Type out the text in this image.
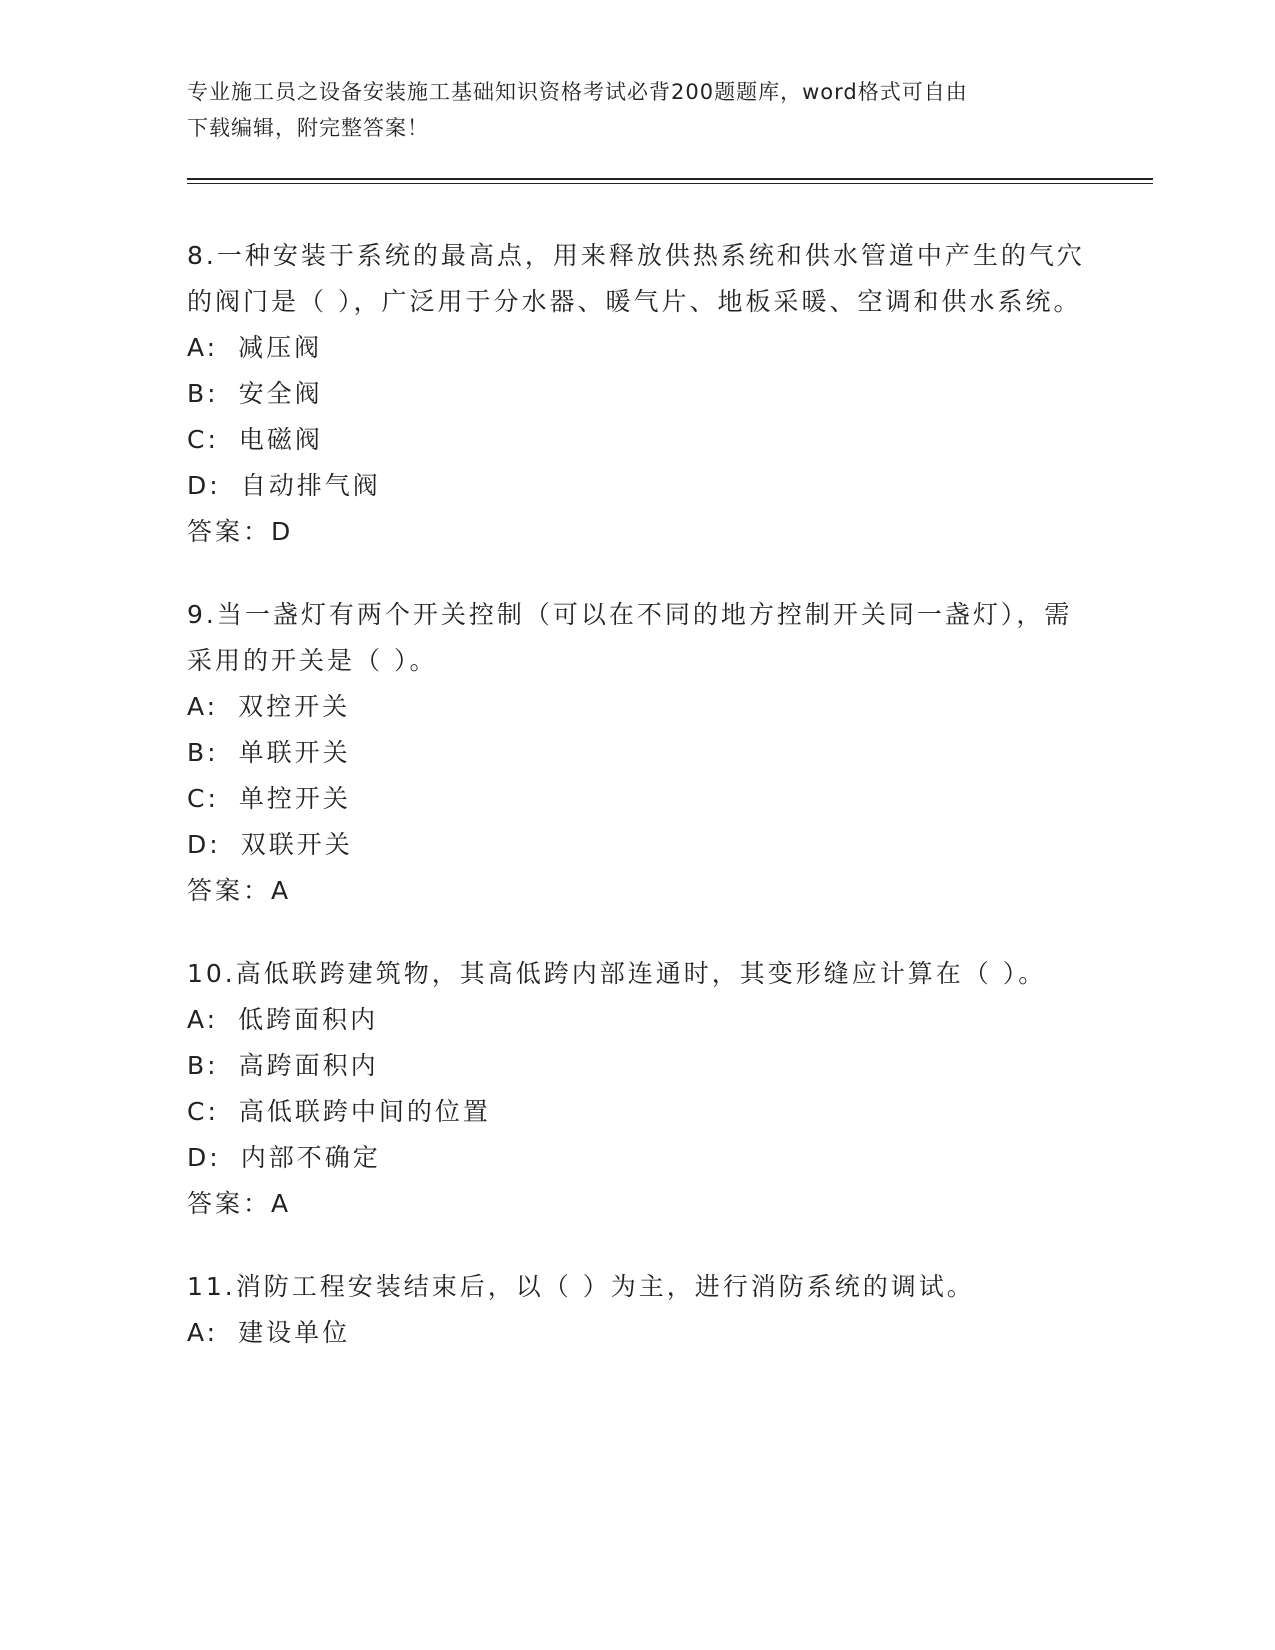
专业施工员之设备安装施工基础知识资格考试必背200题题库，word格式可自由
下载编辑，附完整答案！

8.一种安装于系统的最高点，用来释放供热系统和供水管道中产生的气穴的阀门是（ ），广泛用于分水器、暖气片、地板采暖、空调和供水系统。

A: 减压阀
B: 安全阀
C: 电磁阀
D: 自动排气阀
答案：D

9.当一盏灯有两个开关控制（可以在不同的地方控制开关同一盏灯），需采用的开关是（ ）。

A: 双控开关
B: 单联开关
C: 单控开关
D: 双联开关
答案：A

10.高低联跨建筑物，其高低跨内部连通时，其变形缝应计算在（ ）。

A: 低跨面积内
B: 高跨面积内
C: 高低联跨中间的位置
D: 内部不确定
答案：A

11.消防工程安装结束后，以（ ）为主，进行消防系统的调试。

A: 建设单位
